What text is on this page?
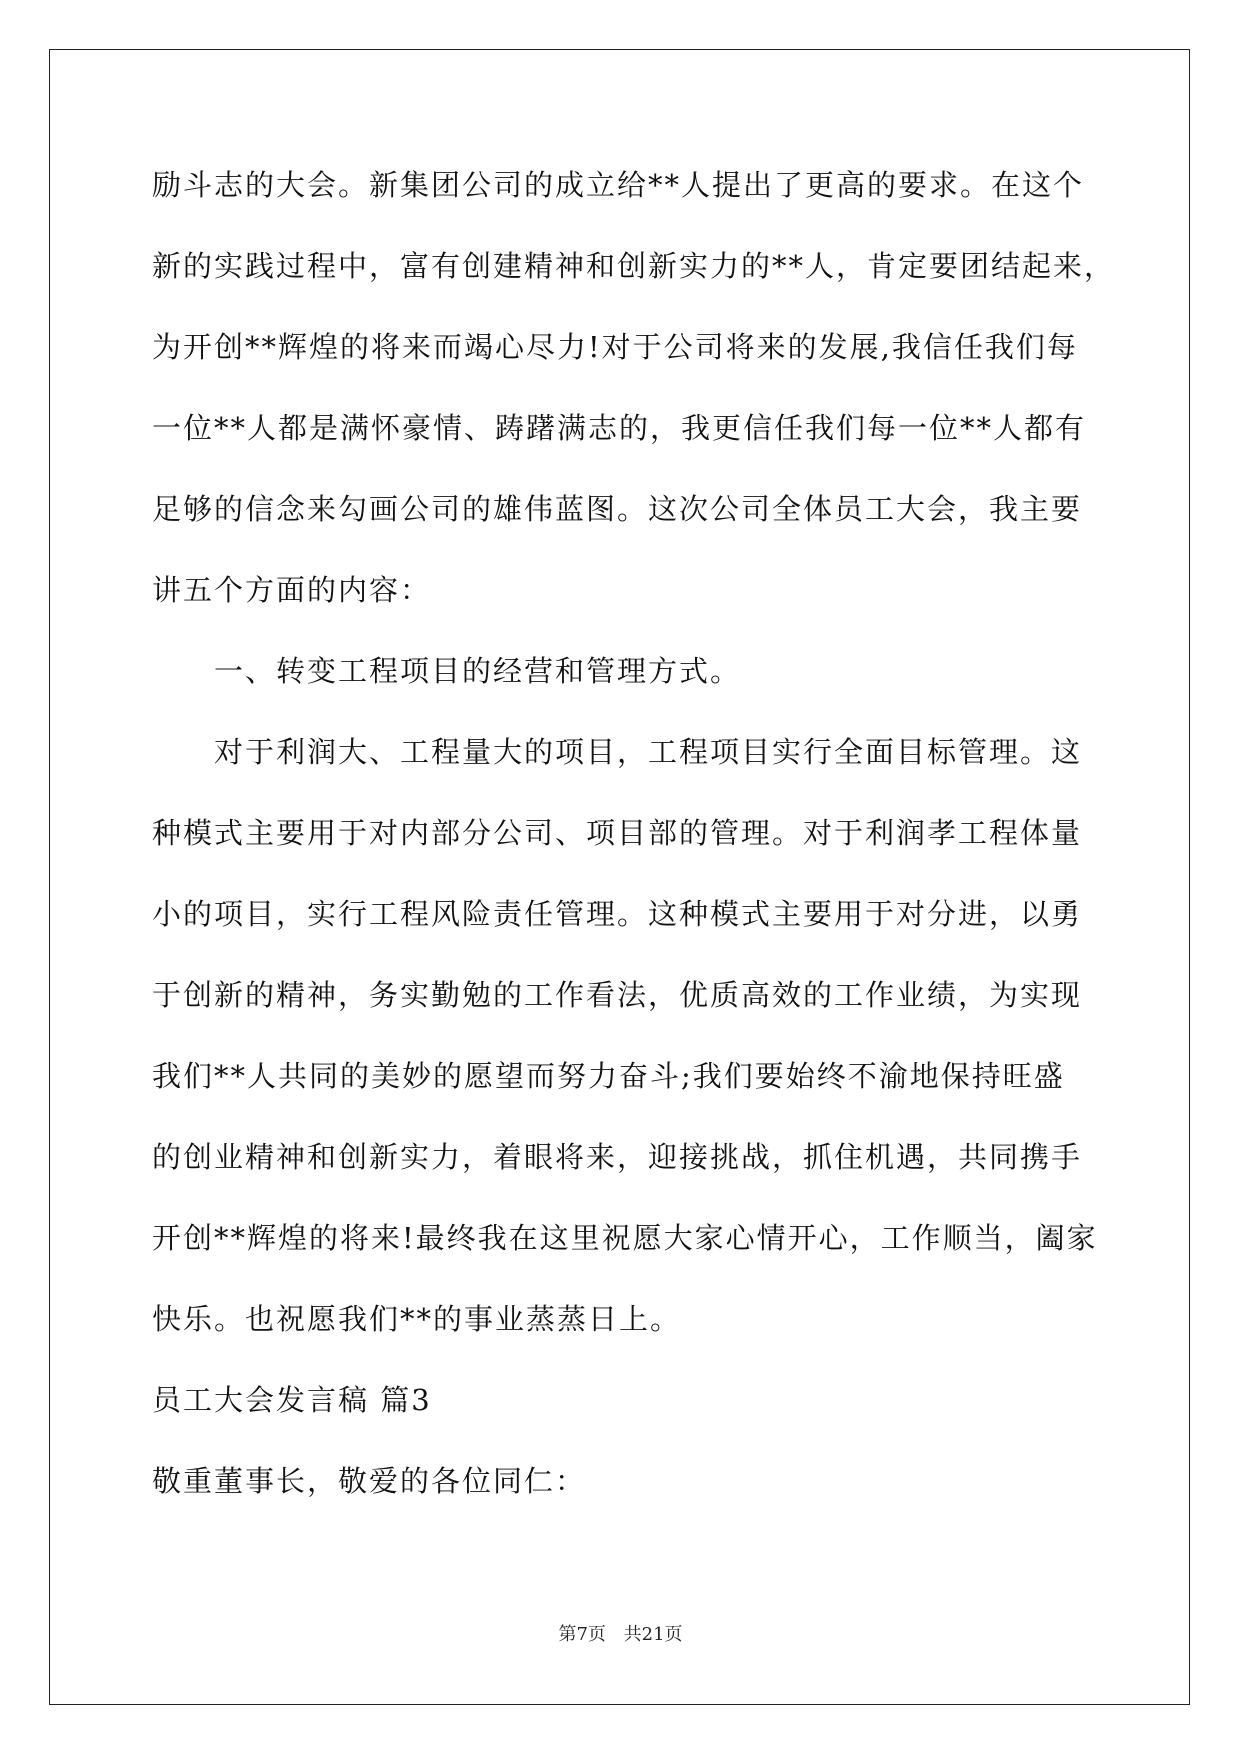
励斗志的大会。新集团公司的成立给**人提出了更高的要求。在这个
新的实践过程中，富有创建精神和创新实力的**人，肯定要团结起来，
为开创**辉煌的将来而竭心尽力!对于公司将来的发展,我信任我们每
一位**人都是满怀豪情、踌躇满志的，我更信任我们每一位**人都有
足够的信念来勾画公司的雄伟蓝图。这次公司全体员工大会，我主要
讲五个方面的内容：
　　一、转变工程项目的经营和管理方式。
　　对于利润大、工程量大的项目，工程项目实行全面目标管理。这
种模式主要用于对内部分公司、项目部的管理。对于利润孝工程体量
小的项目，实行工程风险责任管理。这种模式主要用于对分进，以勇
于创新的精神，务实勤勉的工作看法，优质高效的工作业绩，为实现
我们**人共同的美妙的愿望而努力奋斗;我们要始终不渝地保持旺盛
的创业精神和创新实力，着眼将来，迎接挑战，抓住机遇，共同携手
开创**辉煌的将来!最终我在这里祝愿大家心情开心，工作顺当，阖家
快乐。也祝愿我们**的事业蒸蒸日上。
员工大会发言稿 篇3
敬重董事长，敬爱的各位同仁：
第7页 共21页
